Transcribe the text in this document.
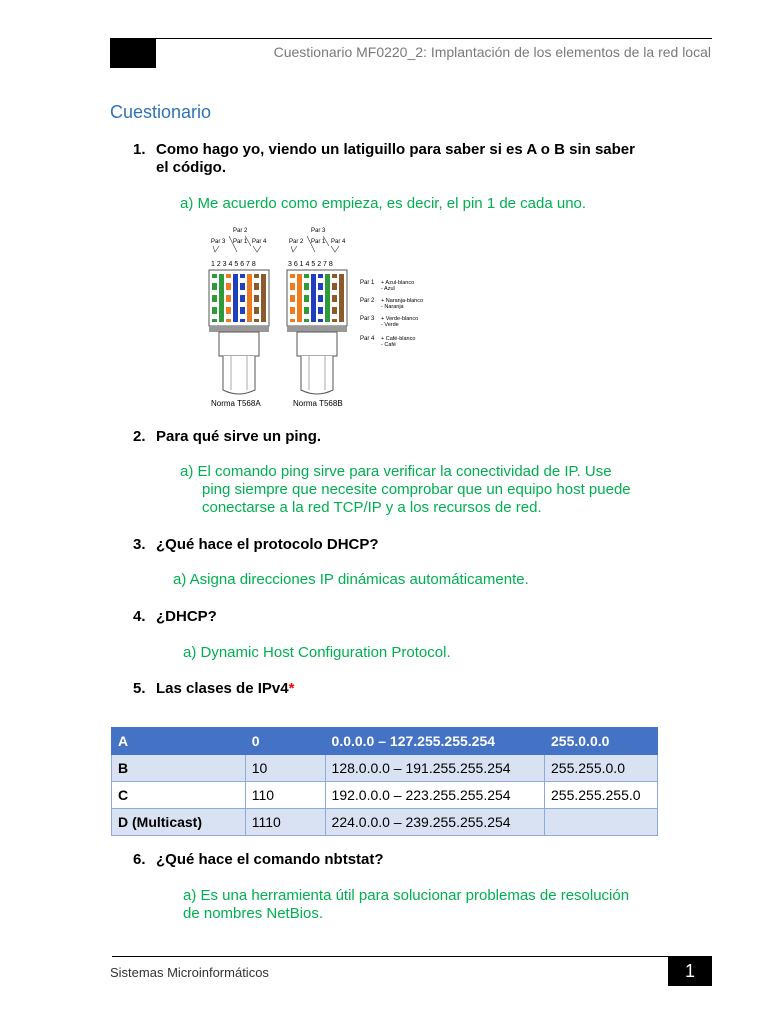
Cuestionario MF0220_2: Implantación de los elementos de la red local
Cuestionario
1. Como hago yo, viendo un latiguillo para saber si es A o B sin saber
el código.
a) Me acuerdo como empieza, es decir, el pin 1 de cada uno.
Par 2
Par 3 Par 1 Par 4
Par 3
Par 2 Par 1 Par 4
1 2 3 4 5 6 7 8	3 6 1 4 5 2 7 8
Norma T568A	Norma T568B
Par 1 + Azul-blanco
- Azul
Par 2 + Naranja-blanco
- Naranja
Par 3 + Verde-blanco
- Verde
Par 4 + Café-blanco
- Café
2. Para qué sirve un ping.
a) El comando ping sirve para verificar la conectividad de IP. Use
ping siempre que necesite comprobar que un equipo host puede
conectarse a la red TCP/IP y a los recursos de red.
3. ¿Qué hace el protocolo DHCP?
a) Asigna direcciones IP dinámicas automáticamente.
4. ¿DHCP?
a) Dynamic Host Configuration Protocol.
5. Las clases de IPv4*
A	0	0.0.0.0 – 127.255.255.254	255.0.0.0
B	10	128.0.0.0 – 191.255.255.254	255.255.0.0
C	110	192.0.0.0 – 223.255.255.254	255.255.255.0
D (Multicast)	1110	224.0.0.0 – 239.255.255.254	
6. ¿Qué hace el comando nbtstat?
a) Es una herramienta útil para solucionar problemas de resolución
de nombres NetBios.
Sistemas Microinformáticos	1
